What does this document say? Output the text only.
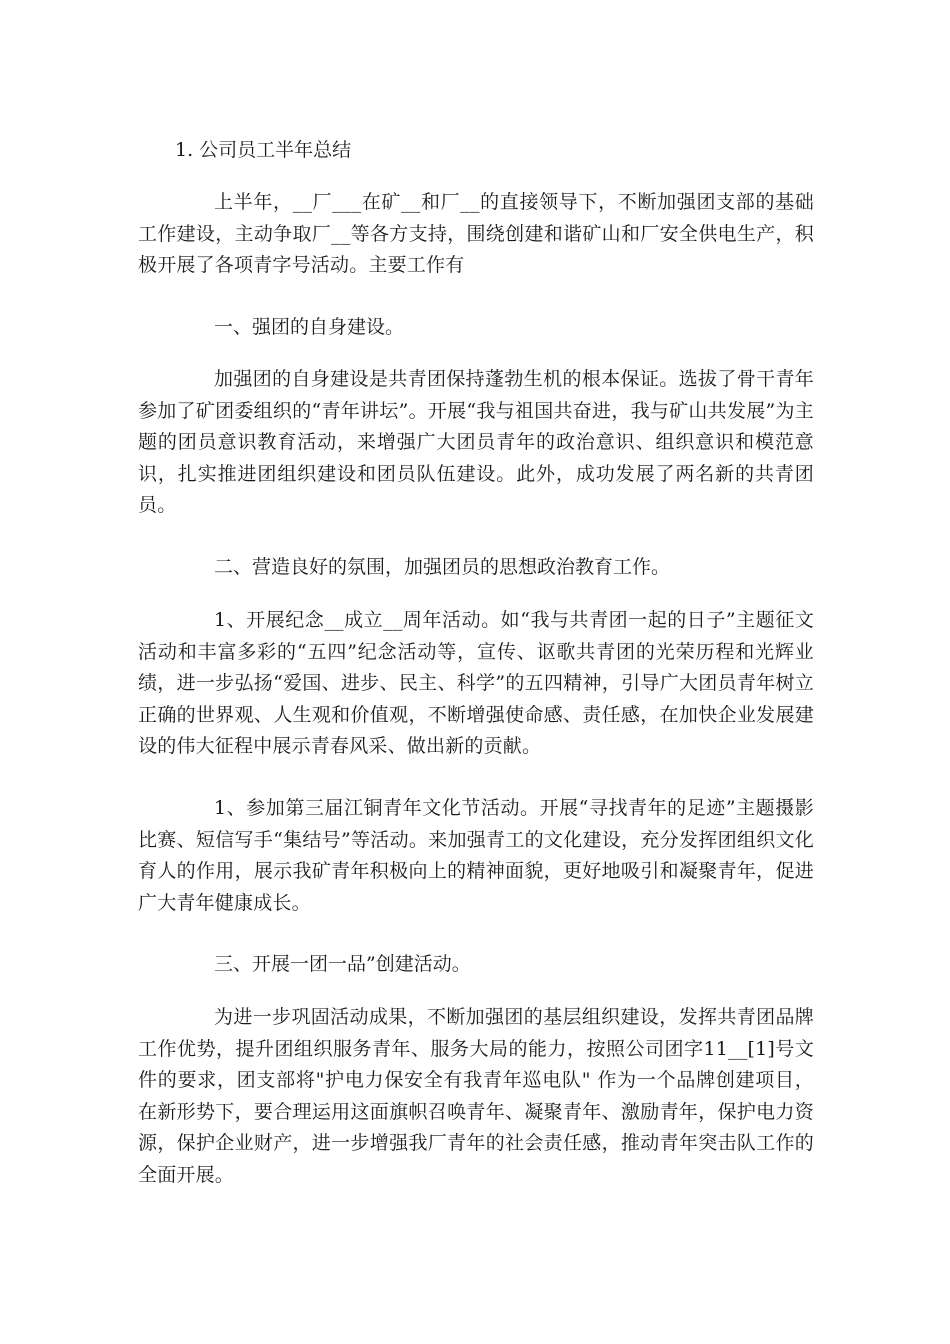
1. 公司员工半年总结

上半年，__厂___在矿__和厂__的直接领导下，不断加强团支部的基础工作建设，主动争取厂__等各方支持，围绕创建和谐矿山和厂安全供电生产，积极开展了各项青字号活动。主要工作有

一、强团的自身建设。

加强团的自身建设是共青团保持蓬勃生机的根本保证。选拔了骨干青年参加了矿团委组织的“青年讲坛”。开展“我与祖国共奋进，我与矿山共发展”为主题的团员意识教育活动，来增强广大团员青年的政治意识、组织意识和模范意识，扎实推进团组织建设和团员队伍建设。此外，成功发展了两名新的共青团员。

二、营造良好的氛围，加强团员的思想政治教育工作。

1、开展纪念__成立__周年活动。如“我与共青团一起的日子”主题征文活动和丰富多彩的“五四”纪念活动等，宣传、讴歌共青团的光荣历程和光辉业绩，进一步弘扬“爱国、进步、民主、科学”的五四精神，引导广大团员青年树立正确的世界观、人生观和价值观，不断增强使命感、责任感，在加快企业发展建设的伟大征程中展示青春风采、做出新的贡献。

1、参加第三届江铜青年文化节活动。开展“寻找青年的足迹”主题摄影比赛、短信写手“集结号”等活动。来加强青工的文化建设，充分发挥团组织文化育人的作用，展示我矿青年积极向上的精神面貌，更好地吸引和凝聚青年，促进广大青年健康成长。

三、开展一团一品”创建活动。

为进一步巩固活动成果，不断加强团的基层组织建设，发挥共青团品牌工作优势，提升团组织服务青年、服务大局的能力，按照公司团字11__[1]号文件的要求，团支部将"护电力保安全有我青年巡电队" 作为一个品牌创建项目，在新形势下，要合理运用这面旗帜召唤青年、凝聚青年、激励青年，保护电力资源，保护企业财产，进一步增强我厂青年的社会责任感，推动青年突击队工作的全面开展。
